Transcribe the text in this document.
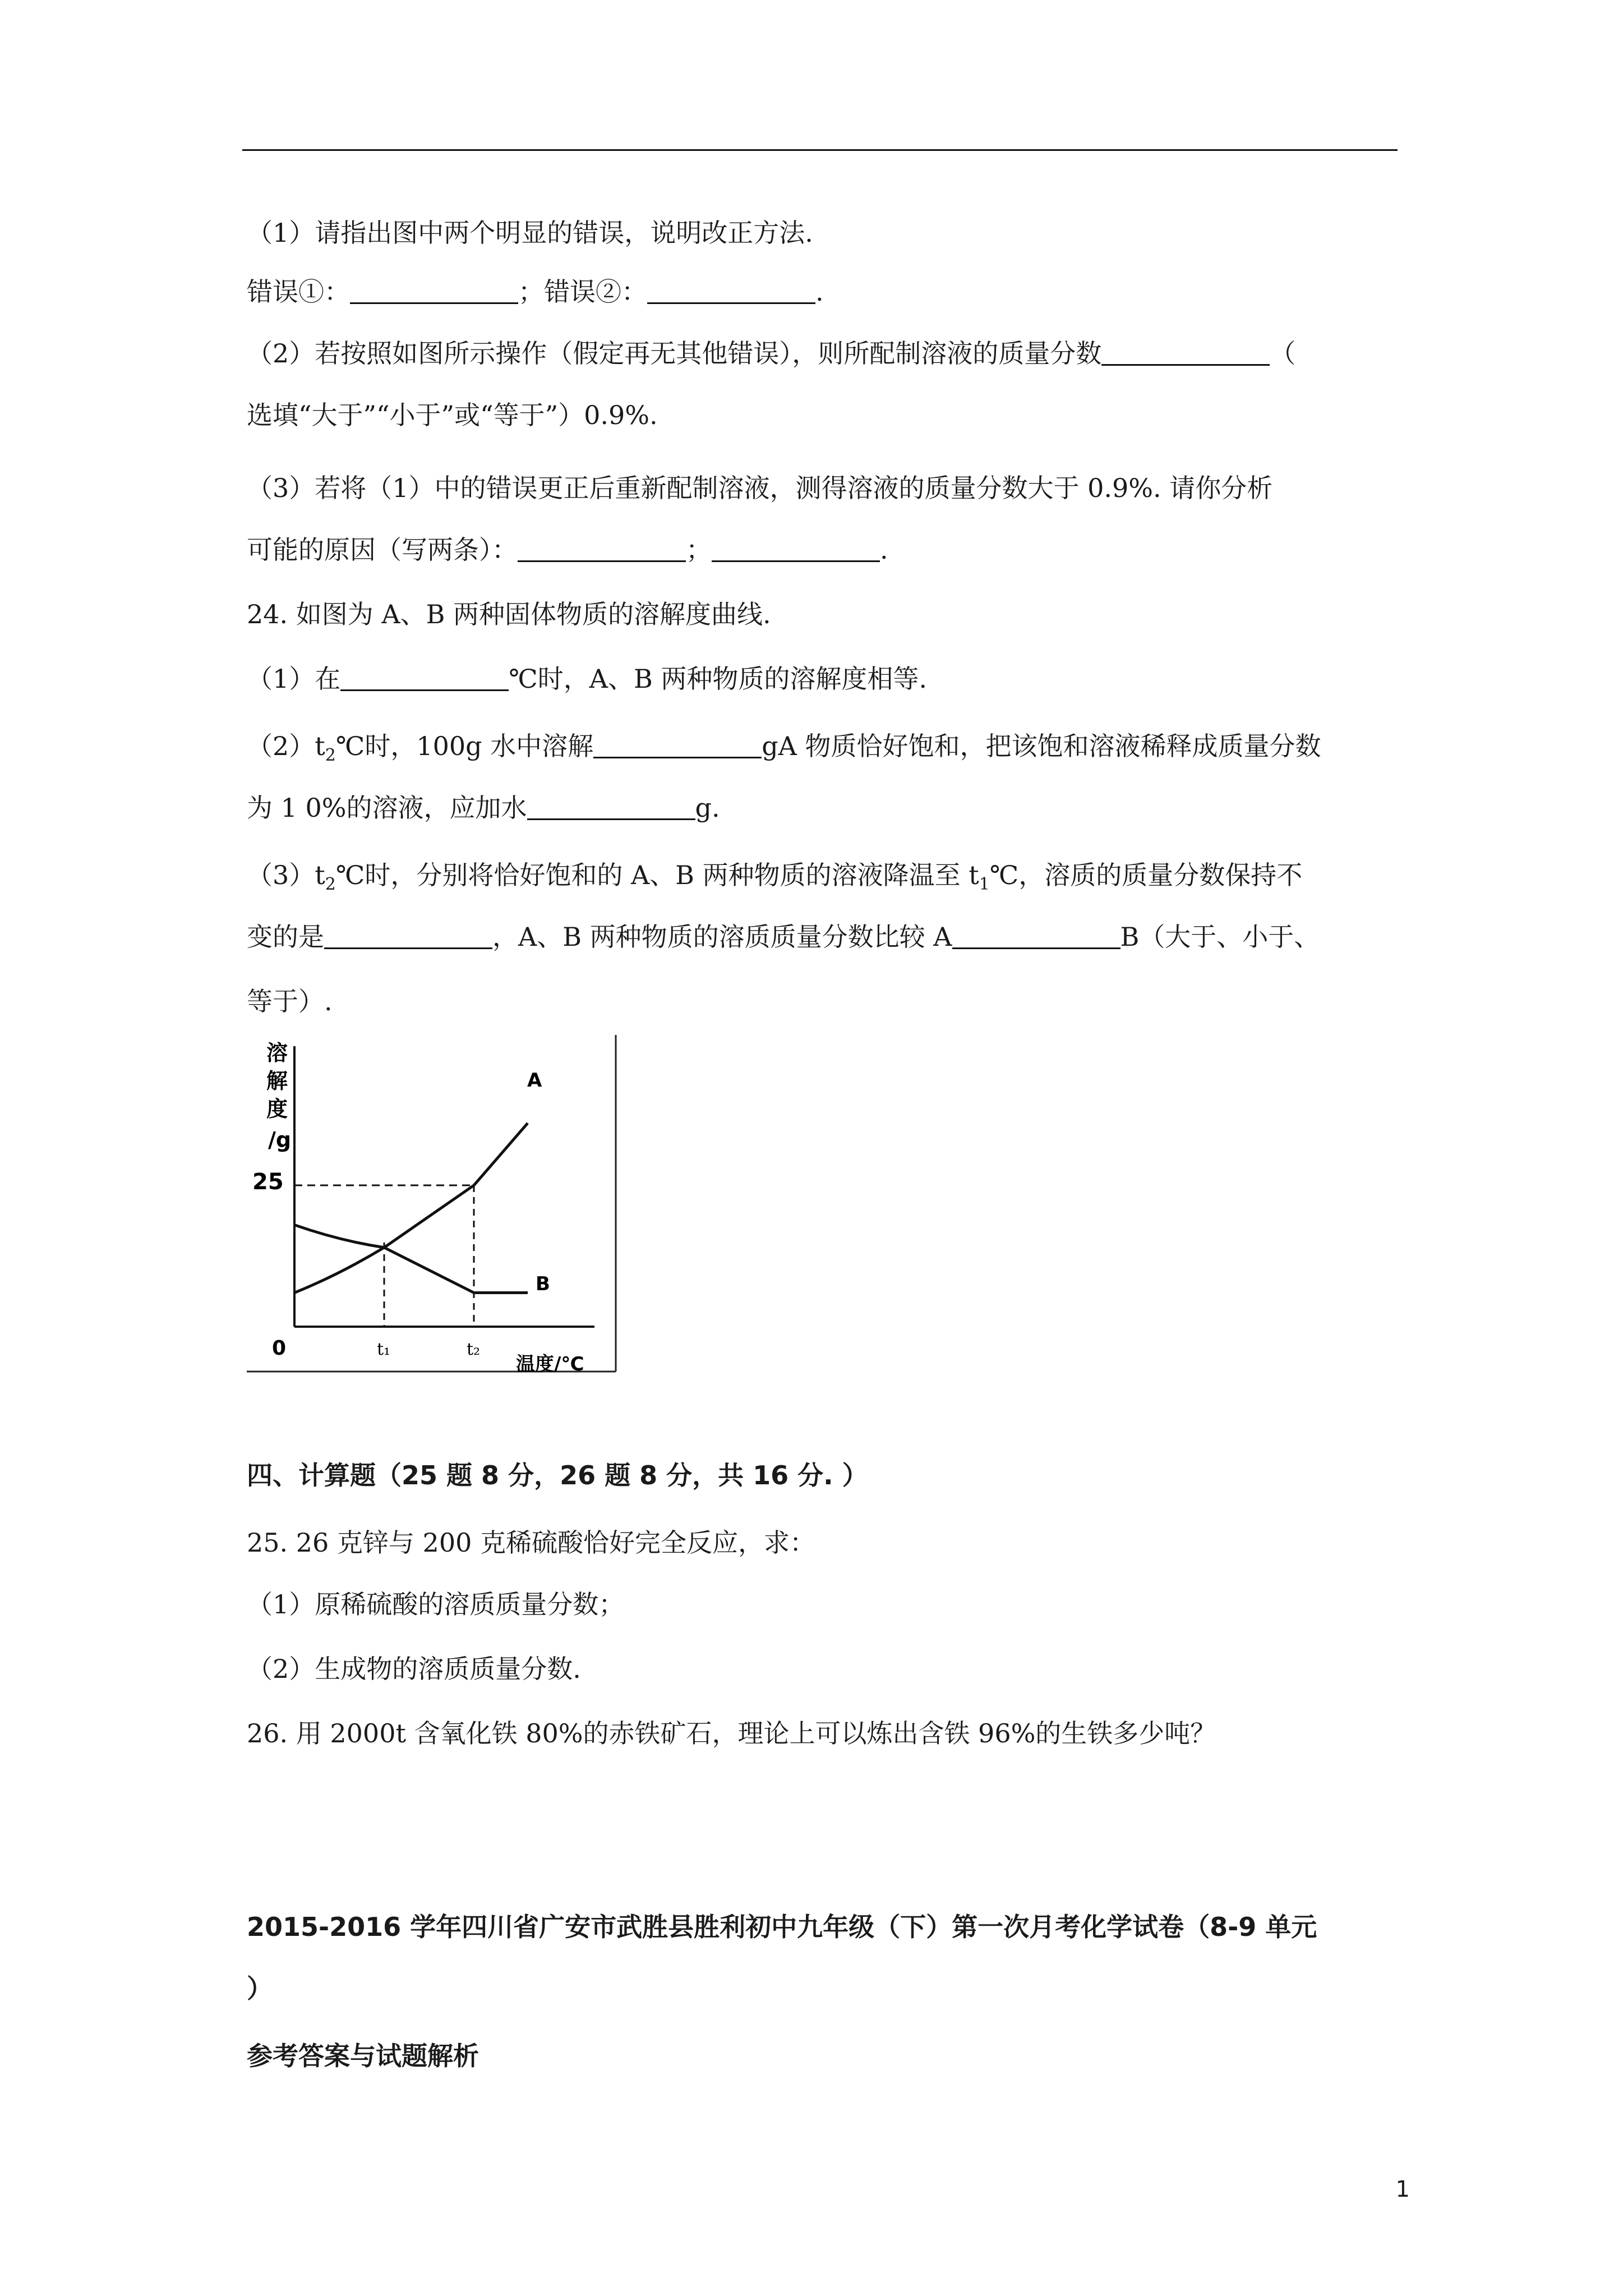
（1）请指出图中两个明显的错误，说明改正方法.
错误①：	；错误②：	.
（2）若按照如图所示操作（假定再无其他错误），则所配制溶液的质量分数	（
选填“大于”“小于”或“等于”）0.9%.
（3）若将（1）中的错误更正后重新配制溶液，测得溶液的质量分数大于 0.9%. 请你分析
可能的原因（写两条）：	；	.
24. 如图为 A、B 两种固体物质的溶解度曲线.
（1）在	℃时，A、B 两种物质的溶解度相等.
$(2)t_2℃$时，100g 水中溶解	gA 物质恰好饱和，把该饱和溶液稀释成质量分数
为 1 0%的溶液，应加水	g.
$(3)t_2℃$时，分别将恰好饱和的 A、B 两种物质的溶液降温至 $t_1℃$，溶质的质量分数保持不
变的是	，A、B 两种物质的溶质质量分数比较 A	B（大于、小于、
等于）.
溶
解
度
/g
25
A
B
0	t₁	t₂
温度/℃
四、计算题（25 题 8 分，26 题 8 分，共 16 分. ）
25. 26 克锌与 200 克稀硫酸恰好完全反应，求：
（1）原稀硫酸的溶质质量分数；
（2）生成物的溶质质量分数.
26. 用 2000t 含氧化铁 80%的赤铁矿石，理论上可以炼出含铁 96%的生铁多少吨？
2015-2016 学年四川省广安市武胜县胜利初中九年级（下）第一次月考化学试卷（8-9 单元
）
参考答案与试题解析
1
